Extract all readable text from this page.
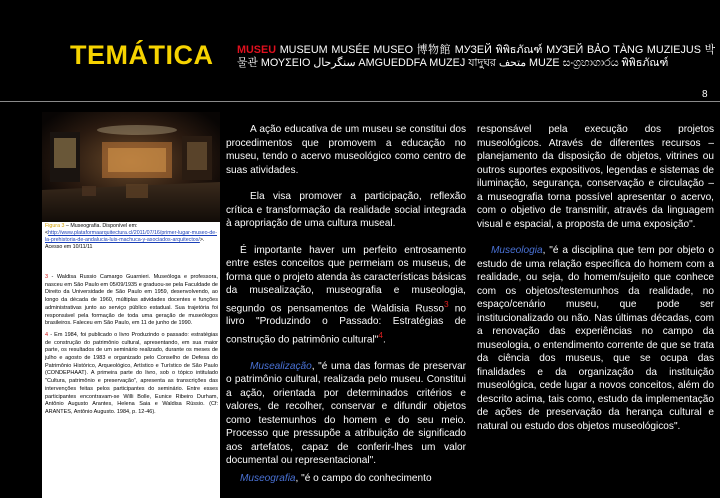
TEMÁTICA MUSEU MUSEUM MUSÉE MUSEO 博物館 МУЗЕЙ พิพิธภัณฑ์ МУЗЕЙ BẢO TÀNG MUZIEJUS 박물관 ΜΟΥΣΕΙΟ سنگرحال AMGUEDDFA MUZEJ যাদুঘর متحف MUZE සංග්‍රහාගාරය พิพิธภัณฑ์
8
Figura 3 – Museografia. Disponível em: <http://www.plataformaarquitectura.cl/2011/07/16/primer-lugar-museo-de-la-prehistoria-de-andalucia-luis-machuca-y-asociados-arquitectos/>. Acesso em 10/11/11

3 - Waldisa Russio Camargo Guarnieri. Museóloga e professora, nasceu em São Paulo em 05/09/1935 e graduou-se pela Faculdade de Direito da Universidade de São Paulo em 1959, desenvolvendo, ao longo da década de 1960, múltiplas atividades docentes e funções administrativas junto ao serviço público estadual. Sua trajetória foi responsável pela formação de toda uma geração de museólogos brasileiros. Faleceu em São Paulo, em 11 de junho de 1990.

4 - Em 1984, foi publicado o livro Produzindo o passado: estratégias de construção do patrimônio cultural, apresentando, em sua maior parte, os resultados de um seminário realizado, durante os meses de julho e agosto de 1983 e organizado pelo Conselho de Defesa do Patrimônio Histórico, Arqueológico, Artístico e Turístico de São Paulo (CONDEPHAAT). A primeira parte do livro, sob o tópico intitulado "Cultura, patrimônio e preservação", apresenta as transcrições das intervenções feitas pelos participantes do seminário. Entre esses participantes encontravam-se Willi Bolle, Eunice Ribeiro Durham, Antônio Augusto Arantes, Helena Saia e Waldisa Rússio. (Cf: ARANTES, Antônio Augusto. 1984, p. 12-46).

A ação educativa de um museu se constitui dos procedimentos que promovem a educação no museu, tendo o acervo museológico como centro de suas atividades.

Ela visa promover a participação, reflexão crítica e transformação da realidade social integrada à apropriação de uma cultura museal.

É importante haver um perfeito entrosamento entre estes conceitos que permeiam os museus, de forma que o projeto atenda às características básicas da musealização, museografia e museologia, segundo os pensamentos de Waldisia Russo$^3$ no livro "Produzindo o Passado: Estratégias de construção do patrimônio cultural"$^4$.

Musealização, "é uma das formas de preservar o patrimônio cultural, realizada pelo museu. Constitui a ação, orientada por determinados critérios e valores, de recolher, conservar e difundir objetos como testemunhos do homem e do seu meio. Processo que pressupõe a atribuição de significado aos artefatos, capaz de conferir-lhes um valor documental ou representacional".

Museografia, "é o campo do conhecimento

responsável pela execução dos projetos museológicos. Através de diferentes recursos – planejamento da disposição de objetos, vitrines ou outros suportes expositivos, legendas e sistemas de iluminação, segurança, conservação e circulação – a museografia torna possível apresentar o acervo, com o objetivo de transmitir, através da linguagem visual e espacial, a proposta de uma exposição".

Museologia, "é a disciplina que tem por objeto o estudo de uma relação específica do homem com a realidade, ou seja, do homem/sujeito que conhece com os objetos/testemunhos da realidade, no espaço/cenário museu, que pode ser institucionalizado ou não. Nas últimas décadas, com a renovação das experiências no campo da museologia, o entendimento corrente de que se trata da ciência dos museus, que se ocupa das finalidades e da organização da instituição museológica, cede lugar a novos conceitos, além do descrito acima, tais como, estudo da implementação de ações de preservação da herança cultural e natural ou estudo dos objetos museológicos".
